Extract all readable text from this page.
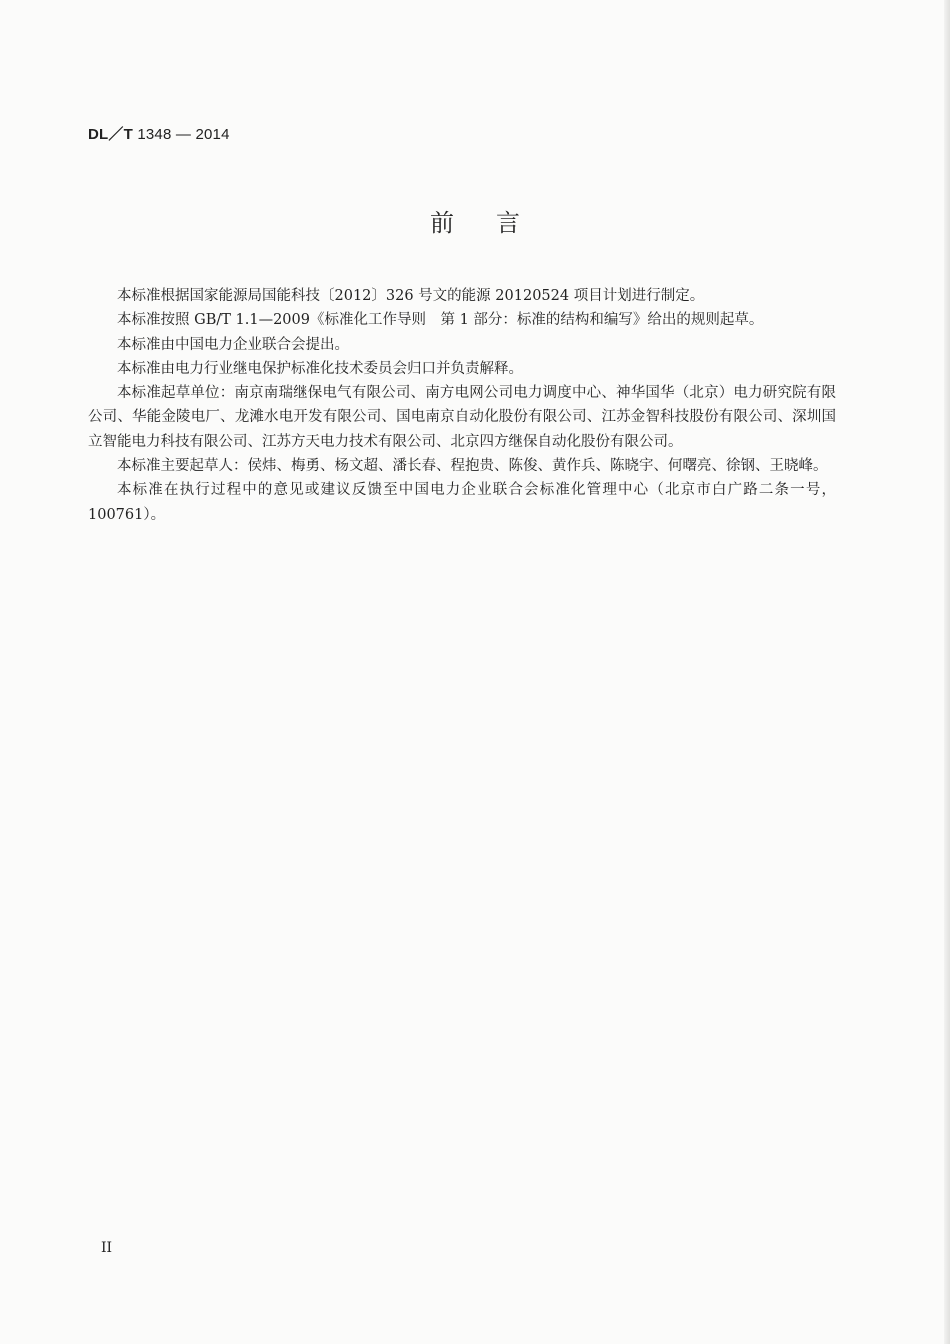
DL／T 1348 — 2014
前言

本标准根据国家能源局国能科技〔2012〕326 号文的能源 20120524 项目计划进行制定。

本标准按照 GB/T 1.1—2009《标准化工作导则　第 1 部分：标准的结构和编写》给出的规则起草。

本标准由中国电力企业联合会提出。

本标准由电力行业继电保护标准化技术委员会归口并负责解释。

本标准起草单位：南京南瑞继保电气有限公司、南方电网公司电力调度中心、神华国华（北京）电力研究院有限公司、华能金陵电厂、龙滩水电开发有限公司、国电南京自动化股份有限公司、江苏金智科技股份有限公司、深圳国立智能电力科技有限公司、江苏方天电力技术有限公司、北京四方继保自动化股份有限公司。

本标准主要起草人：侯炜、梅勇、杨文超、潘长春、程抱贵、陈俊、黄作兵、陈晓宇、何曙亮、徐钢、王晓峰。

本标准在执行过程中的意见或建议反馈至中国电力企业联合会标准化管理中心（北京市白广路二条一号，100761）。

II
